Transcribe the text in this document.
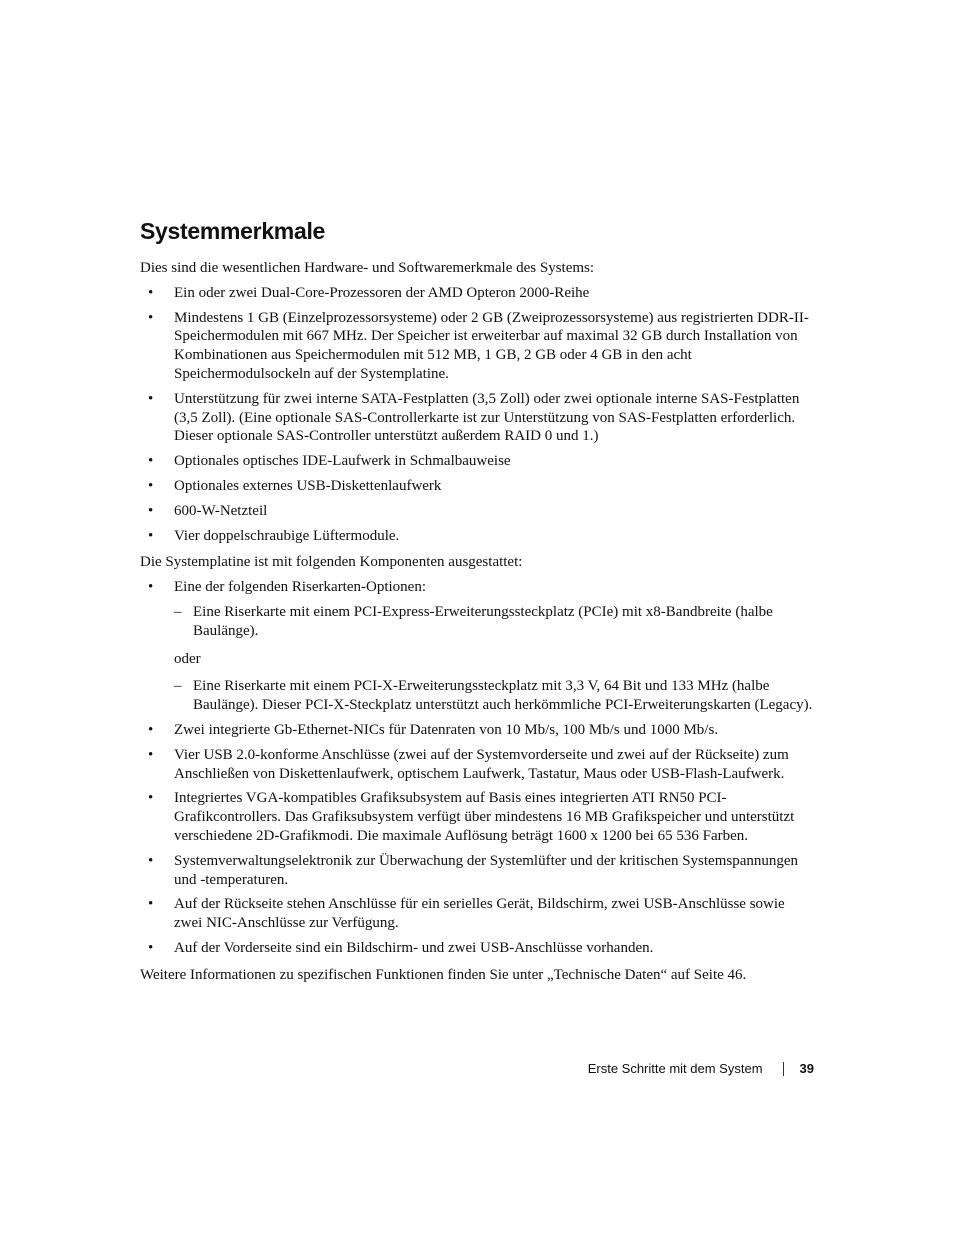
Systemmerkmale

Dies sind die wesentlichen Hardware- und Softwaremerkmale des Systems:

• Ein oder zwei Dual-Core-Prozessoren der AMD Opteron 2000-Reihe
• Mindestens 1 GB (Einzelprozessorsysteme) oder 2 GB (Zweiprozessorsysteme) aus registrierten DDR-II-Speichermodulen mit 667 MHz. Der Speicher ist erweiterbar auf maximal 32 GB durch Installation von Kombinationen aus Speichermodulen mit 512 MB, 1 GB, 2 GB oder 4 GB in den acht Speichermodulsockeln auf der Systemplatine.
• Unterstützung für zwei interne SATA-Festplatten (3,5 Zoll) oder zwei optionale interne SAS-Festplatten (3,5 Zoll). (Eine optionale SAS-Controllerkarte ist zur Unterstützung von SAS-Festplatten erforderlich. Dieser optionale SAS-Controller unterstützt außerdem RAID 0 und 1.)
• Optionales optisches IDE-Laufwerk in Schmalbauweise
• Optionales externes USB-Diskettenlaufwerk
• 600-W-Netzteil
• Vier doppelschraubige Lüftermodule.

Die Systemplatine ist mit folgenden Komponenten ausgestattet:

• Eine der folgenden Riserkarten-Optionen:
– Eine Riserkarte mit einem PCI-Express-Erweiterungssteckplatz (PCIe) mit x8-Bandbreite (halbe Baulänge).

oder

– Eine Riserkarte mit einem PCI-X-Erweiterungssteckplatz mit 3,3 V, 64 Bit und 133 MHz (halbe Baulänge). Dieser PCI-X-Steckplatz unterstützt auch herkömmliche PCI-Erweiterungskarten (Legacy).
• Zwei integrierte Gb-Ethernet-NICs für Datenraten von 10 Mb/s, 100 Mb/s und 1000 Mb/s.
• Vier USB 2.0-konforme Anschlüsse (zwei auf der Systemvorderseite und zwei auf der Rückseite) zum Anschließen von Diskettenlaufwerk, optischem Laufwerk, Tastatur, Maus oder USB-Flash-Laufwerk.
• Integriertes VGA-kompatibles Grafiksubsystem auf Basis eines integrierten ATI RN50 PCI-Grafikcontrollers. Das Grafiksubsystem verfügt über mindestens 16 MB Grafikspeicher und unterstützt verschiedene 2D-Grafikmodi. Die maximale Auflösung beträgt 1600 x 1200 bei 65 536 Farben.
• Systemverwaltungselektronik zur Überwachung der Systemlüfter und der kritischen Systemspannungen und -temperaturen.
• Auf der Rückseite stehen Anschlüsse für ein serielles Gerät, Bildschirm, zwei USB-Anschlüsse sowie zwei NIC-Anschlüsse zur Verfügung.
• Auf der Vorderseite sind ein Bildschirm- und zwei USB-Anschlüsse vorhanden.

Weitere Informationen zu spezifischen Funktionen finden Sie unter „Technische Daten“ auf Seite 46.

Erste Schritte mit dem System	39
